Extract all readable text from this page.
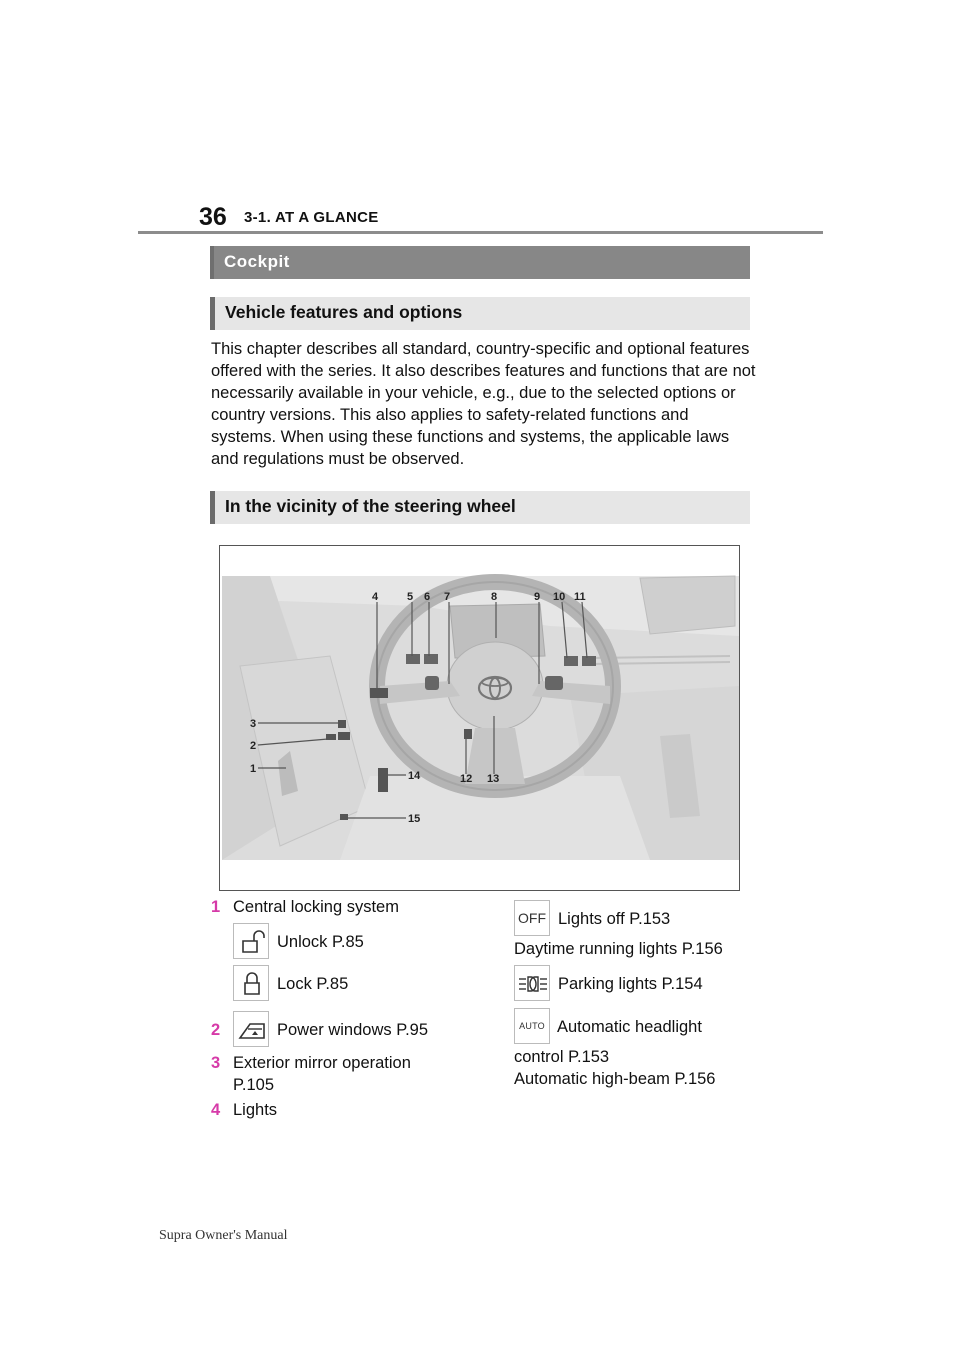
36 3-1. AT A GLANCE
Cockpit
Vehicle features and options
This chapter describes all standard, country-specific and optional features offered with the series. It also describes features and functions that are not necessarily available in your vehicle, e.g., due to the selected options or country versions. This also applies to safety-related functions and systems. When using these functions and systems, the applicable laws and regulations must be observed.
In the vicinity of the steering wheel
3
2
1
4	5 6 7	8	9 10 11
12 13
14
15
1 Central locking system
Unlock P.85
Lock P.85
2	Power windows P.95
3 Exterior mirror operation
P.105
4 Lights
OFF Lights off P.153
Daytime running lights P.156
Parking lights P.154
AUTO Automatic headlight
control P.153
Automatic high-beam P.156
Supra Owner's Manual
